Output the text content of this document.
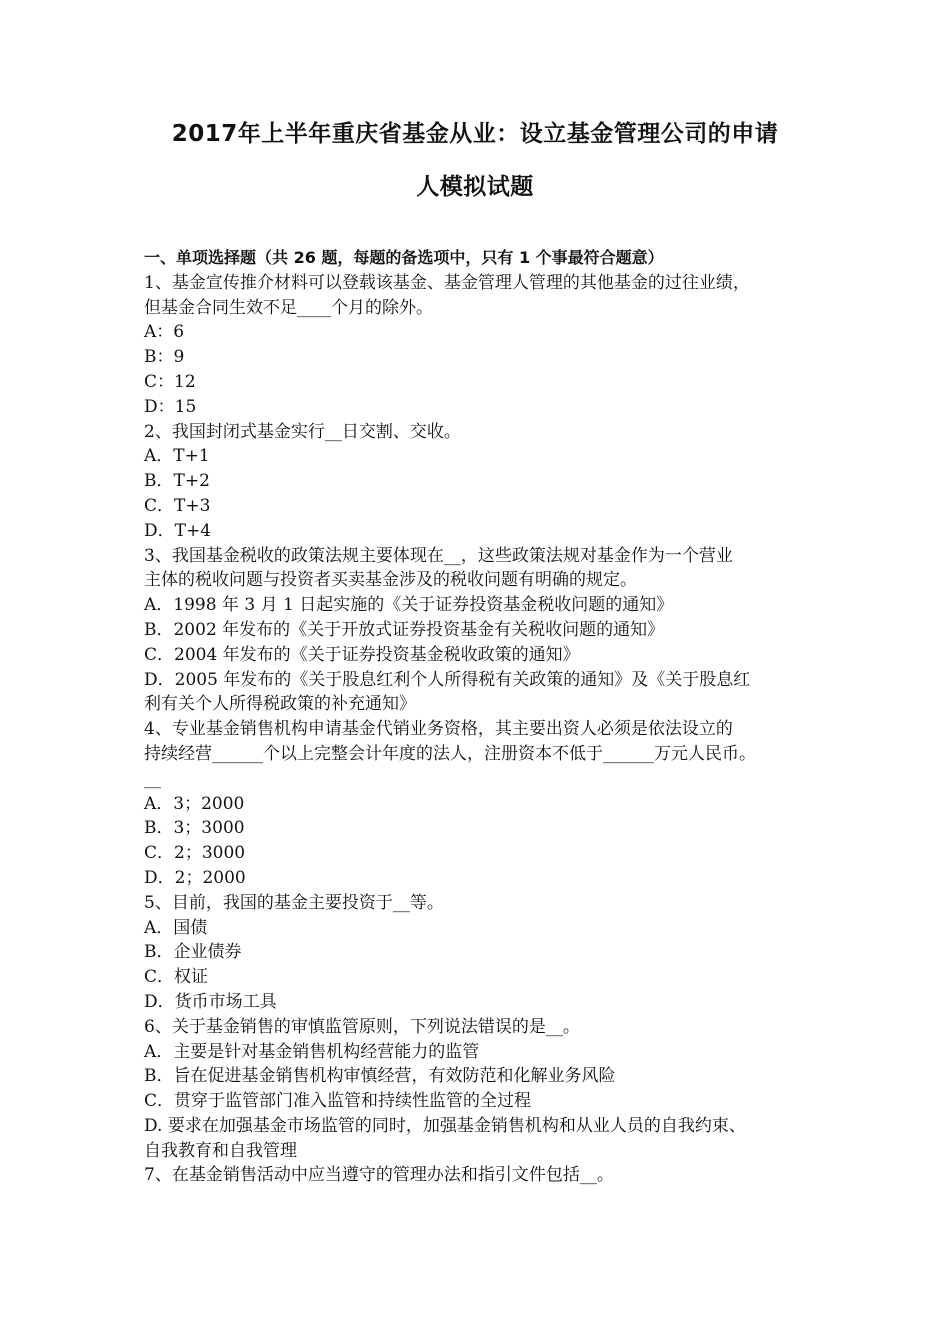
2017年上半年重庆省基金从业：设立基金管理公司的申请
人模拟试题
一、单项选择题（共 26 题，每题的备选项中，只有 1 个事最符合题意）
1、基金宣传推介材料可以登载该基金、基金管理人管理的其他基金的过往业绩，
但基金合同生效不足____个月的除外。
A：6
B：9
C：12
D：15
2、我国封闭式基金实行__日交割、交收。
A．T+1
B．T+2
C．T+3
D．T+4
3、我国基金税收的政策法规主要体现在__，这些政策法规对基金作为一个营业
主体的税收问题与投资者买卖基金涉及的税收问题有明确的规定。
A．1998 年 3 月 1 日起实施的《关于证券投资基金税收问题的通知》
B．2002 年发布的《关于开放式证券投资基金有关税收问题的通知》
C．2004 年发布的《关于证券投资基金税收政策的通知》
D．2005 年发布的《关于股息红利个人所得税有关政策的通知》及《关于股息红
利有关个人所得税政策的补充通知》
4、专业基金销售机构申请基金代销业务资格，其主要出资人必须是依法设立的
持续经营______个以上完整会计年度的法人，注册资本不低于______万元人民币。
__
A．3；2000
B．3；3000
C．2；3000
D．2；2000
5、目前，我国的基金主要投资于__等。
A．国债
B．企业债券
C．权证
D．货币市场工具
6、关于基金销售的审慎监管原则，下列说法错误的是__。
A．主要是针对基金销售机构经营能力的监管
B．旨在促进基金销售机构审慎经营，有效防范和化解业务风险
C．贯穿于监管部门准入监管和持续性监管的全过程
D. 要求在加强基金市场监管的同时，加强基金销售机构和从业人员的自我约束、
自我教育和自我管理
7、在基金销售活动中应当遵守的管理办法和指引文件包括__。
